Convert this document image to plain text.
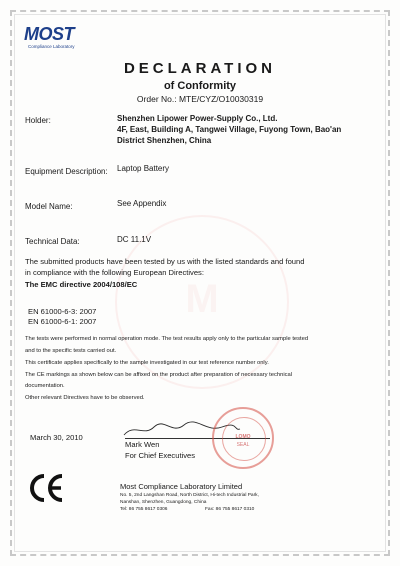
MOST
Compliance Laboratory
M
DECLARATION
of Conformity
Order No.: MTE/CYZ/O10030319
Holder:	Shenzhen Lipower Power-Supply Co., Ltd.
4F, East, Building A, Tangwei Village, Fuyong Town, Bao'an
District Shenzhen, China
Equipment Description: Laptop Battery
Model Name:	See Appendix
Technical Data:	DC 11.1V
The submitted products have been tested by us with the listed standards and found
in compliance with the following European Directives:
The EMC directive 2004/108/EC
EN 61000-6-3: 2007
EN 61000-6-1: 2007
The tests were performed in normal operation mode. The test results apply only to the particular sample tested
and to the specific tests carried out.
This certificate applies specifically to the sample investigated in our test reference number only.
The CE markings as shown below can be affixed on the product after preparation of necessary technical
documentation.
Other relevant Directives have to be observed.
March 30, 2010
Mark Wen
For Chief Executives
LOMO
SEAL
Most Compliance Laboratory Limited
No. 5, 2nd Langshan Road, North District, Hi-tech Industrial Park,
Nanshan, Shenzhen, Guangdong, China
Tel: 86 755 8617 0306	Fax: 86 755 8617 0310
